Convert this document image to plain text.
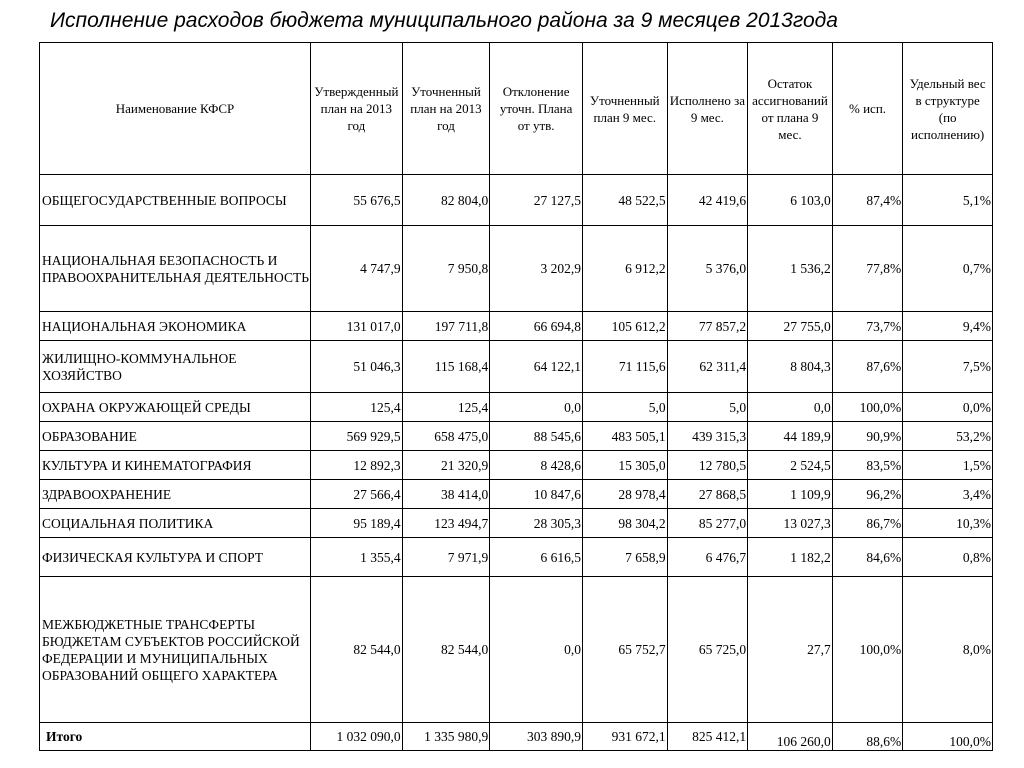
Исполнение расходов бюджета муниципального района за 9 месяцев 2013года
Наименование КФСР	Утвержденный план на 2013 год	Уточненный план на 2013 год	Отклонение уточн. Плана от утв.	Уточненный план 9 мес.	Исполнено за 9 мес.	Остаток ассигнований от плана 9 мес.	% исп.	Удельный вес в структуре (по исполнению)
ОБЩЕГОСУДАРСТВЕННЫЕ ВОПРОСЫ	55 676,5	82 804,0	27 127,5	48 522,5	42 419,6	6 103,0	87,4%	5,1%
НАЦИОНАЛЬНАЯ БЕЗОПАСНОСТЬ И ПРАВООХРАНИТЕЛЬНАЯ ДЕЯТЕЛЬНОСТЬ	4 747,9	7 950,8	3 202,9	6 912,2	5 376,0	1 536,2	77,8%	0,7%
НАЦИОНАЛЬНАЯ ЭКОНОМИКА	131 017,0	197 711,8	66 694,8	105 612,2	77 857,2	27 755,0	73,7%	9,4%
ЖИЛИЩНО-КОММУНАЛЬНОЕ ХОЗЯЙСТВО	51 046,3	115 168,4	64 122,1	71 115,6	62 311,4	8 804,3	87,6%	7,5%
ОХРАНА ОКРУЖАЮЩЕЙ СРЕДЫ	125,4	125,4	0,0	5,0	5,0	0,0	100,0%	0,0%
ОБРАЗОВАНИЕ	569 929,5	658 475,0	88 545,6	483 505,1	439 315,3	44 189,9	90,9%	53,2%
КУЛЬТУРА И КИНЕМАТОГРАФИЯ	12 892,3	21 320,9	8 428,6	15 305,0	12 780,5	2 524,5	83,5%	1,5%
ЗДРАВООХРАНЕНИЕ	27 566,4	38 414,0	10 847,6	28 978,4	27 868,5	1 109,9	96,2%	3,4%
СОЦИАЛЬНАЯ ПОЛИТИКА	95 189,4	123 494,7	28 305,3	98 304,2	85 277,0	13 027,3	86,7%	10,3%
ФИЗИЧЕСКАЯ КУЛЬТУРА И СПОРТ	1 355,4	7 971,9	6 616,5	7 658,9	6 476,7	1 182,2	84,6%	0,8%
МЕЖБЮДЖЕТНЫЕ ТРАНСФЕРТЫ БЮДЖЕТАМ СУБЪЕКТОВ РОССИЙСКОЙ ФЕДЕРАЦИИ И МУНИЦИПАЛЬНЫХ ОБРАЗОВАНИЙ ОБЩЕГО ХАРАКТЕРА	82 544,0	82 544,0	0,0	65 752,7	65 725,0	27,7	100,0%	8,0%
Итого	1 032 090,0	1 335 980,9	303 890,9	931 672,1	825 412,1	106 260,0	88,6%	100,0%
